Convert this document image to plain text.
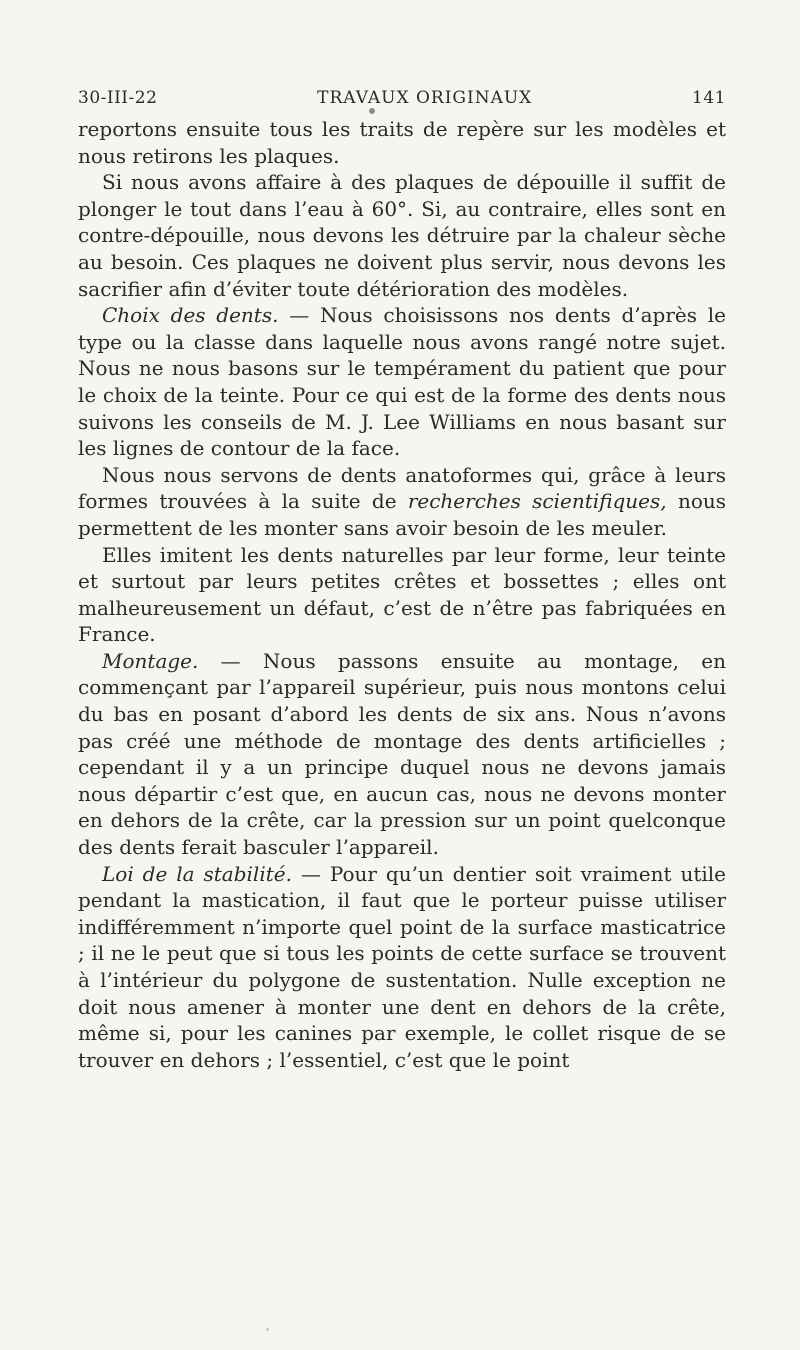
30-III-22	TRAVAUX ORIGINAUX	141

reportons ensuite tous les traits de repère sur les modèles et nous retirons les plaques.

Si nous avons affaire à des plaques de dépouille il suffit de plonger le tout dans l’eau à 60°. Si, au contraire, elles sont en contre-dépouille, nous devons les détruire par la chaleur sèche au besoin. Ces plaques ne doivent plus servir, nous devons les sacrifier afin d’éviter toute détérioration des modèles.

Choix des dents. — Nous choisissons nos dents d’après le type ou la classe dans laquelle nous avons rangé notre sujet. Nous ne nous basons sur le tempérament du patient que pour le choix de la teinte. Pour ce qui est de la forme des dents nous suivons les conseils de M. J. Lee Williams en nous basant sur les lignes de contour de la face.

Nous nous servons de dents anatoformes qui, grâce à leurs formes trouvées à la suite de recherches scientifiques, nous permettent de les monter sans avoir besoin de les meuler.

Elles imitent les dents naturelles par leur forme, leur teinte et surtout par leurs petites crêtes et bossettes ; elles ont malheureusement un défaut, c’est de n’être pas fabriquées en France.

Montage. — Nous passons ensuite au montage, en commençant par l’appareil supérieur, puis nous montons celui du bas en posant d’abord les dents de six ans. Nous n’avons pas créé une méthode de montage des dents artificielles ; cependant il y a un principe duquel nous ne devons jamais nous départir c’est que, en aucun cas, nous ne devons monter en dehors de la crête, car la pression sur un point quelconque des dents ferait basculer l’appareil.

Loi de la stabilité. — Pour qu’un dentier soit vraiment utile pendant la mastication, il faut que le porteur puisse utiliser indifféremment n’importe quel point de la surface masticatrice ; il ne le peut que si tous les points de cette surface se trouvent à l’intérieur du polygone de sustentation. Nulle exception ne doit nous amener à monter une dent en dehors de la crête, même si, pour les canines par exemple, le collet risque de se trouver en dehors ; l’essentiel, c’est que le point
